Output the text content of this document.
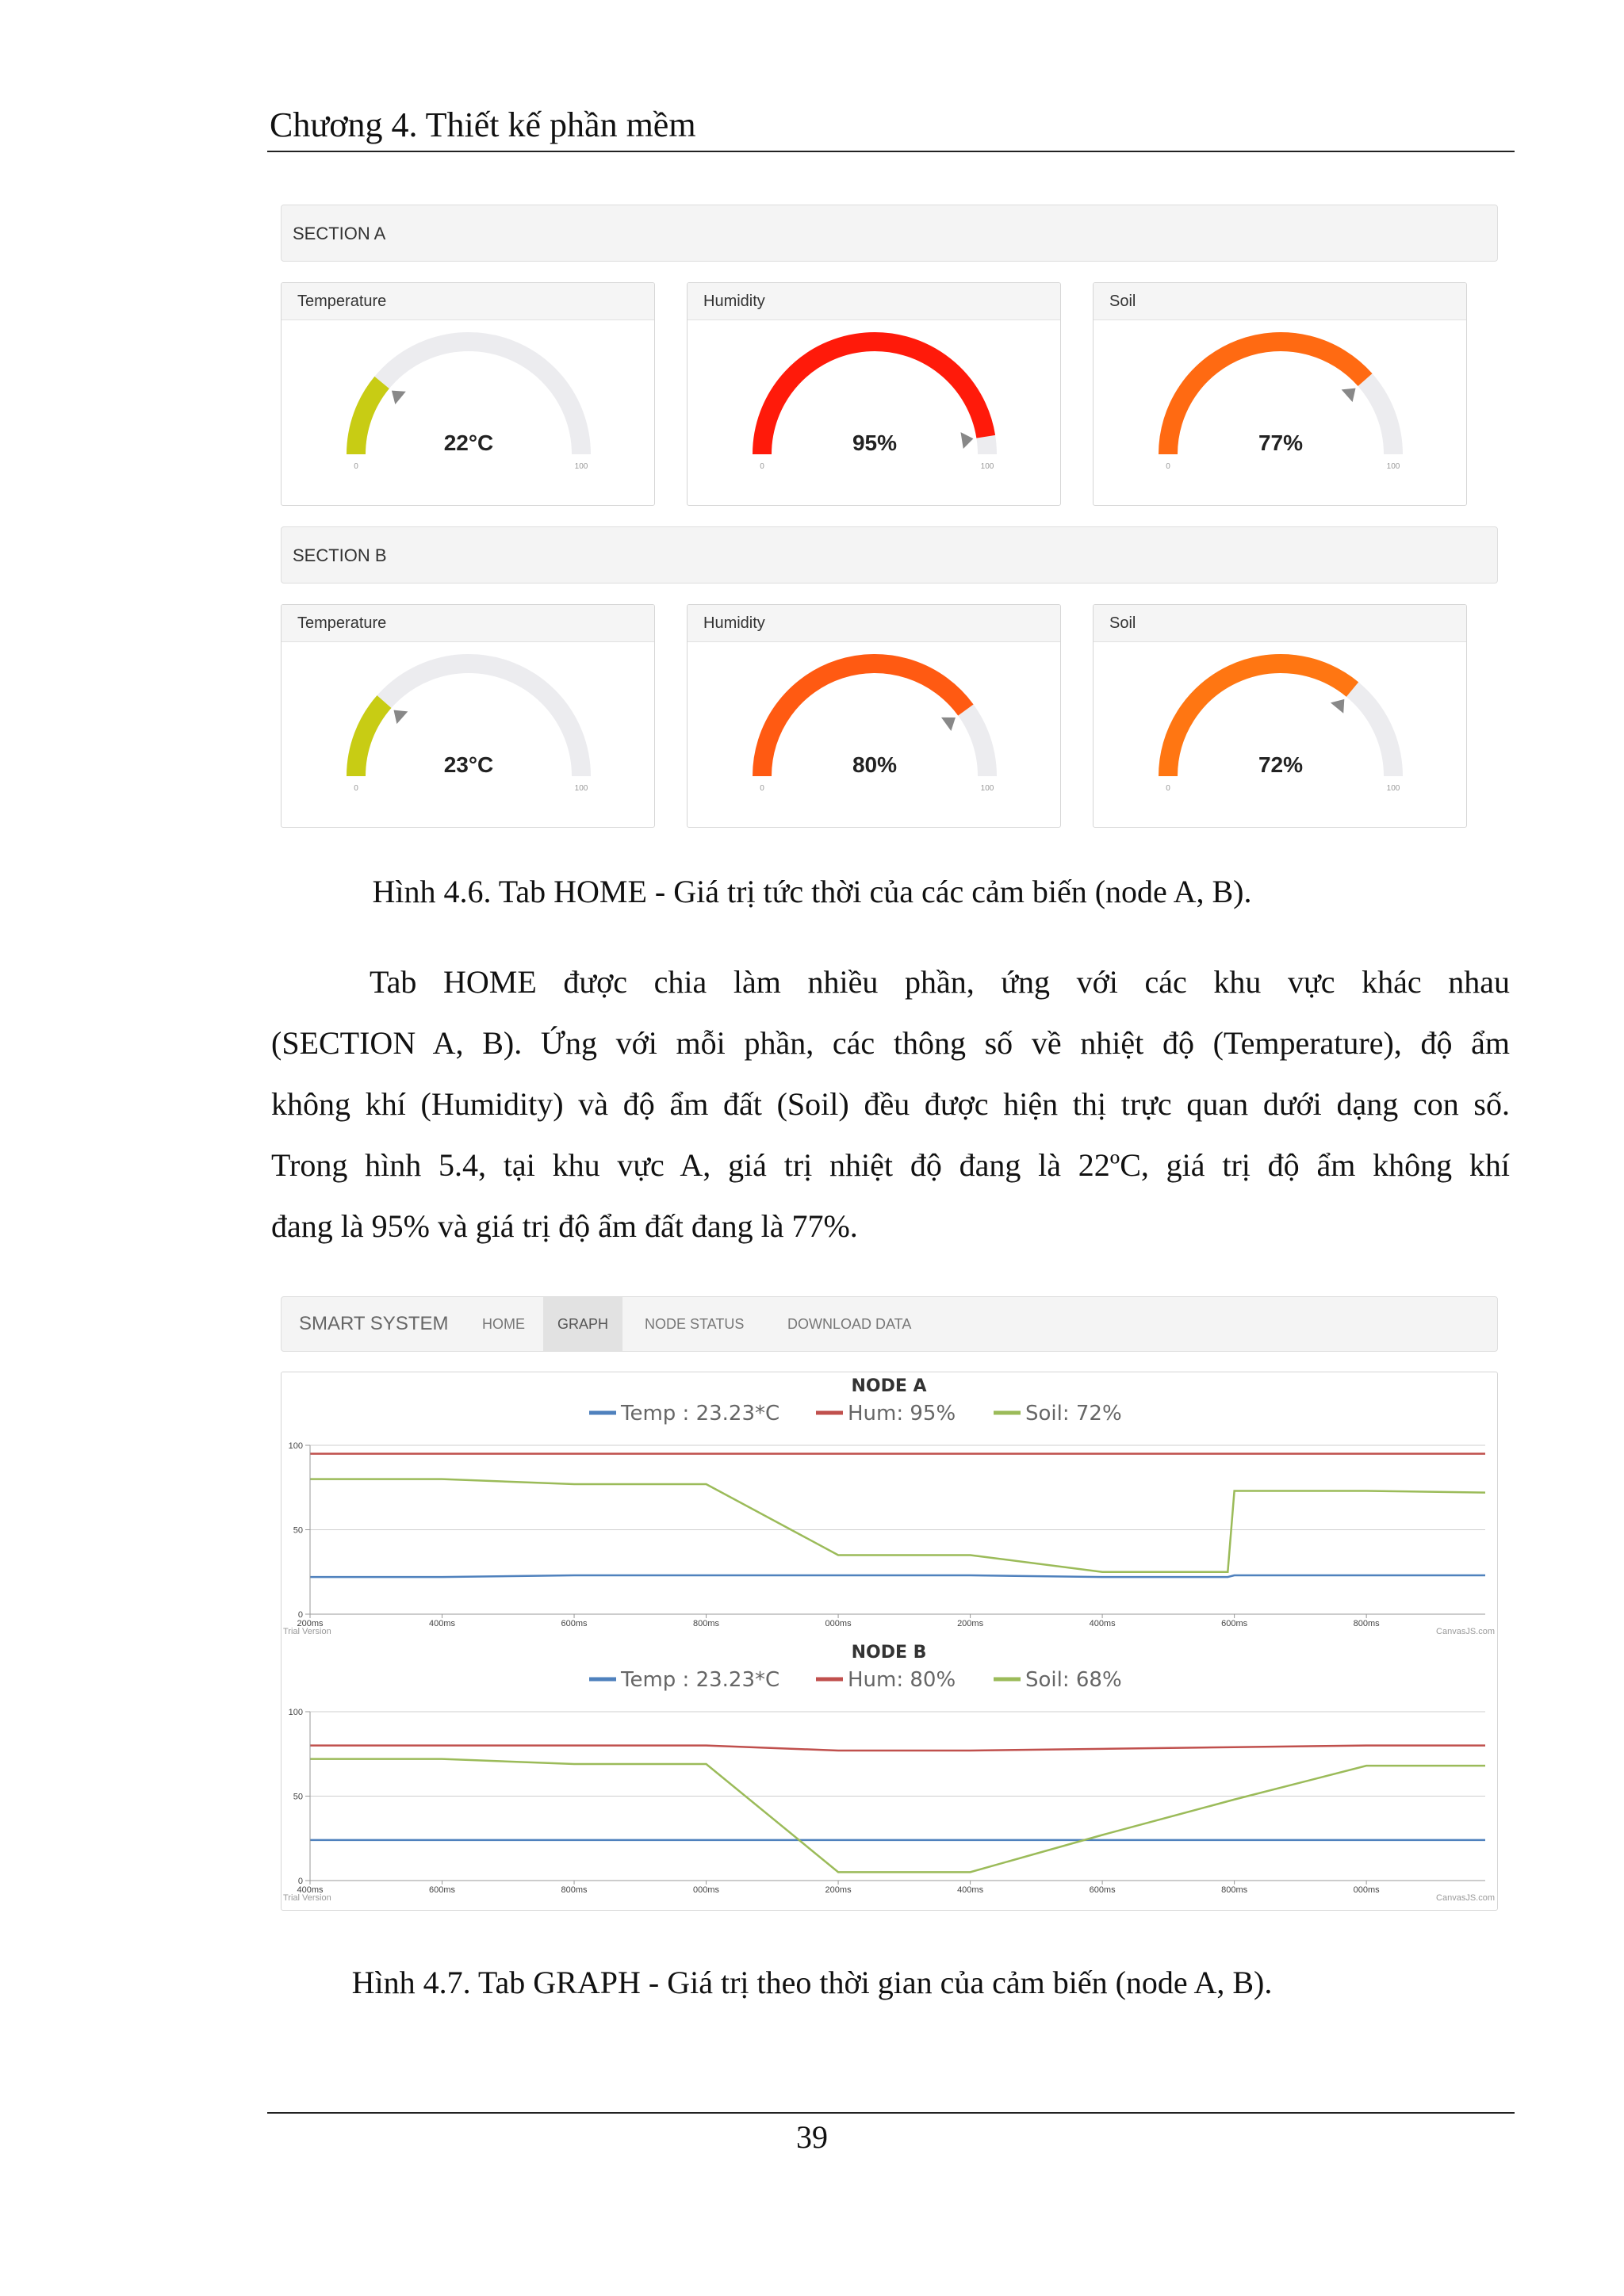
Chương 4. Thiết kế phần mềm
SECTION A
Temperature
22°C
0	100
Humidity
95%
0	100
Soil
77%
0	100
SECTION B
Temperature
23°C
0	100
Humidity
80%
0	100
Soil
72%
0	100
Hình 4.6. Tab HOME - Giá trị tức thời của các cảm biến (node A, B).
Tab HOME được chia làm nhiều phần, ứng với các khu vực khác nhau
(SECTION A, B). Ứng với mỗi phần, các thông số về nhiệt độ (Temperature), độ ẩm
không khí (Humidity) và độ ẩm đất (Soil) đều được hiện thị trực quan dưới dạng con số.
Trong hình 5.4, tại khu vực A, giá trị nhiệt độ đang là 22ºC, giá trị độ ẩm không khí
đang là 95% và giá trị độ ẩm đất đang là 77%.
SMART SYSTEM	HOME	GRAPH	NODE STATUS	DOWNLOAD DATA
NODE A
0
50
100
200ms	400ms	600ms	800ms	000ms	200ms	400ms	600ms	800ms
Trial Version	CanvasJS.com
Temp : 23.23*C	Hum: 95%	Soil: 72%
NODE B
0
50
100
400ms	600ms	800ms	000ms	200ms	400ms	600ms	800ms	000ms
Trial Version	CanvasJS.com
Temp : 23.23*C	Hum: 80%	Soil: 68%
Hình 4.7. Tab GRAPH - Giá trị theo thời gian của cảm biến (node A, B).
39
